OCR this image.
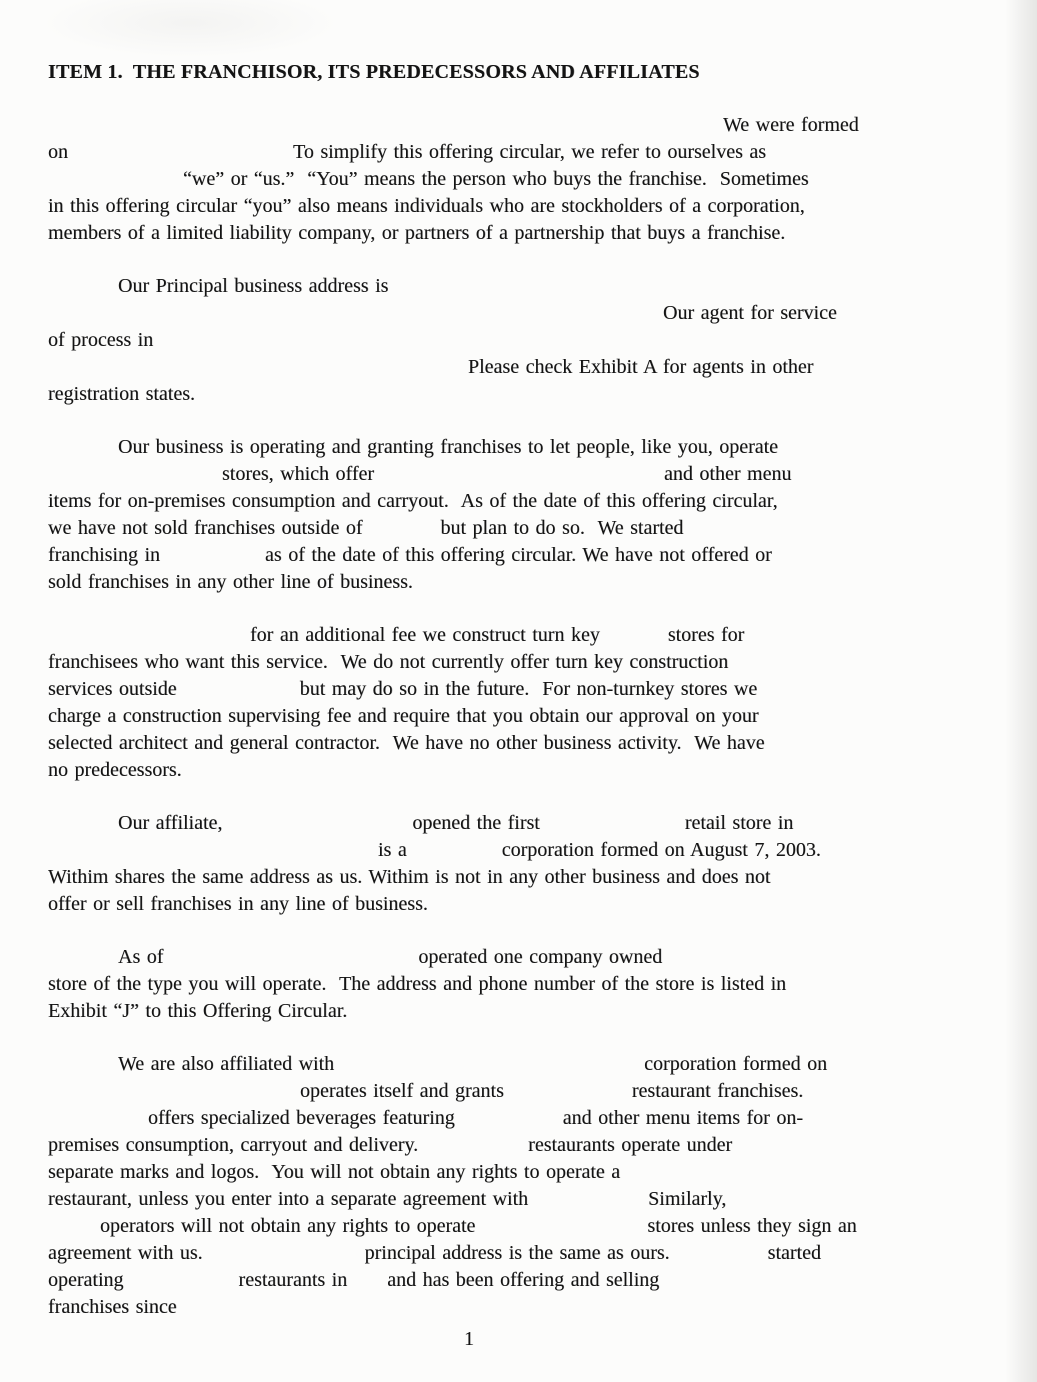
ITEM 1.  THE FRANCHISOR, ITS PREDECESSORS AND AFFILIATES
We were formed
on	To simplify this offering circular, we refer to ourselves as
“we” or “us.”  “You” means the person who buys the franchise.  Sometimes
in this offering circular “you” also means individuals who are stockholders of a corporation,
members of a limited liability company, or partners of a partnership that buys a franchise.
Our Principal business address is
Our agent for service
of process in
Please check Exhibit A for agents in other
registration states.
Our business is operating and granting franchises to let people, like you, operate
stores, which offer	and other menu
items for on-premises consumption and carryout.  As of the date of this offering circular,
we have not sold franchises outside of	but plan to do so.  We started
franchising in	as of the date of this offering circular. We have not offered or
sold franchises in any other line of business.
for an additional fee we construct turn key	stores for
franchisees who want this service.  We do not currently offer turn key construction
services outside	but may do so in the future.  For non-turnkey stores we
charge a construction supervising fee and require that you obtain our approval on your
selected architect and general contractor.  We have no other business activity.  We have
no predecessors.
Our affiliate,	opened the first	retail store in
is a	corporation formed on August 7, 2003.
Withim shares the same address as us. Withim is not in any other business and does not
offer or sell franchises in any line of business.
As of	operated one company owned
store of the type you will operate.  The address and phone number of the store is listed in
Exhibit “J” to this Offering Circular.
We are also affiliated with	corporation formed on
operates itself and grants	restaurant franchises.
offers specialized beverages featuring	and other menu items for on-
premises consumption, carryout and delivery.	restaurants operate under
separate marks and logos.  You will not obtain any rights to operate a
restaurant, unless you enter into a separate agreement with	Similarly,
operators will not obtain any rights to operate	stores unless they sign an
agreement with us.	principal address is the same as ours.	started
operating	restaurants in and has been offering and selling
franchises since
1
